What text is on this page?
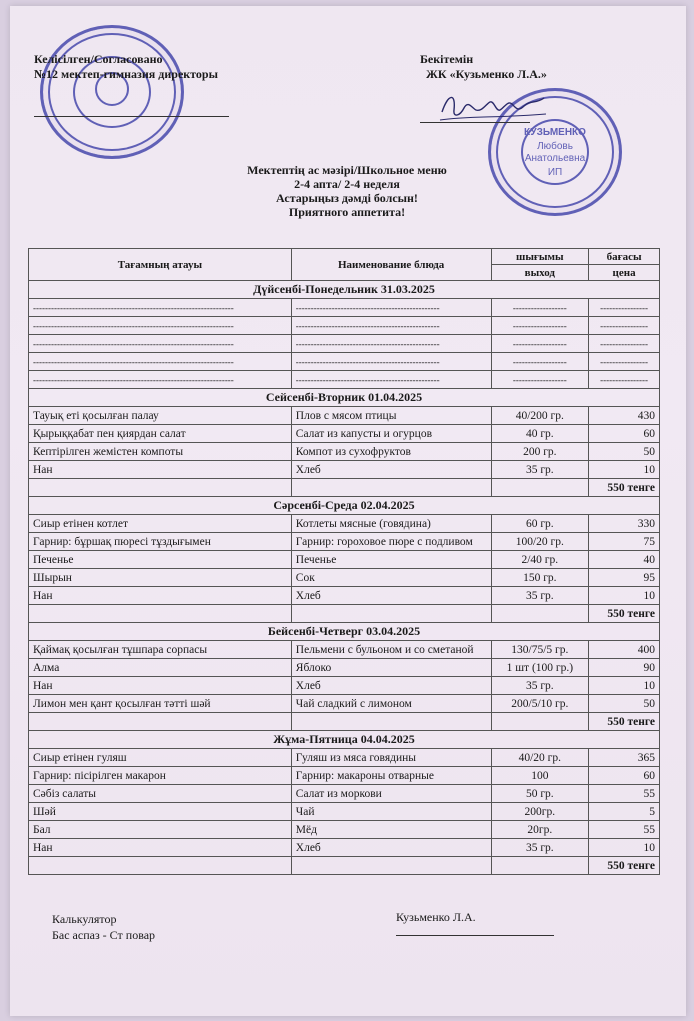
КУЗЬМЕНКО
Любовь
Анатольевна
ИП
Келісілген/Согласовано
№12 мектеп-гимназия директоры
Бекітемін
ЖК «Кузьменко Л.А.»
Мектептің ас мәзірі/Школьное меню
2-4 апта/ 2-4 неделя
Астарыңыз дәмді болсын!
Приятного аппетита!
Тағамның атауы	Наименование блюда	шығымы	бағасы
		выход	цена
Дүйсенбі-Понедельник 31.03.2025			
-------------------------------------------------------------------	------------------------------------------------	------------------	----------------
-------------------------------------------------------------------	------------------------------------------------	------------------	----------------
-------------------------------------------------------------------	------------------------------------------------	------------------	----------------
-------------------------------------------------------------------	------------------------------------------------	------------------	----------------
-------------------------------------------------------------------	------------------------------------------------	------------------	----------------
Сейсенбі-Вторник 01.04.2025			
Тауық еті қосылған палау	Плов с мясом птицы	40/200 гр.	430
Қырыққабат пен қиярдан салат	Салат из капусты и огурцов	40 гр.	60
Кептірілген жемістен компоты	Компот из сухофруктов	200 гр.	50
Нан	Хлеб	35 гр.	10
			550 тенге
Сәрсенбі-Среда 02.04.2025			
Сиыр етінен котлет	Котлеты мясные (говядина)	60 гр.	330
Гарнир: бұршақ пюресі тұздығымен	Гарнир: гороховое пюре с подливом	100/20 гр.	75
Печенье	Печенье	2/40 гр.	40
Шырын	Сок	150 гр.	95
Нан	Хлеб	35 гр.	10
			550 тенге
Бейсенбі-Четверг 03.04.2025			
Қаймақ қосылған тұшпара сорпасы	Пельмени с бульоном и со сметаной	130/75/5 гр.	400
Алма	Яблоко	1 шт (100 гр.)	90
Нан	Хлеб	35 гр.	10
Лимон мен қант қосылған тәтті шәй	Чай сладкий с лимоном	200/5/10 гр.	50
			550 тенге
Жұма-Пятница 04.04.2025			
Сиыр етінен гуляш	Гуляш из мяса говядины	40/20 гр.	365
Гарнир: пісірілген макарон	Гарнир: макароны отварные	100	60
Сәбіз салаты	Салат из моркови	50 гр.	55
Шәй	Чай	200гр.	5
Бал	Мёд	20гр.	55
Нан	Хлеб	35 гр.	10
			550 тенге
Калькулятор
Бас аспаз - Ст повар
Кузьменко Л.А.
